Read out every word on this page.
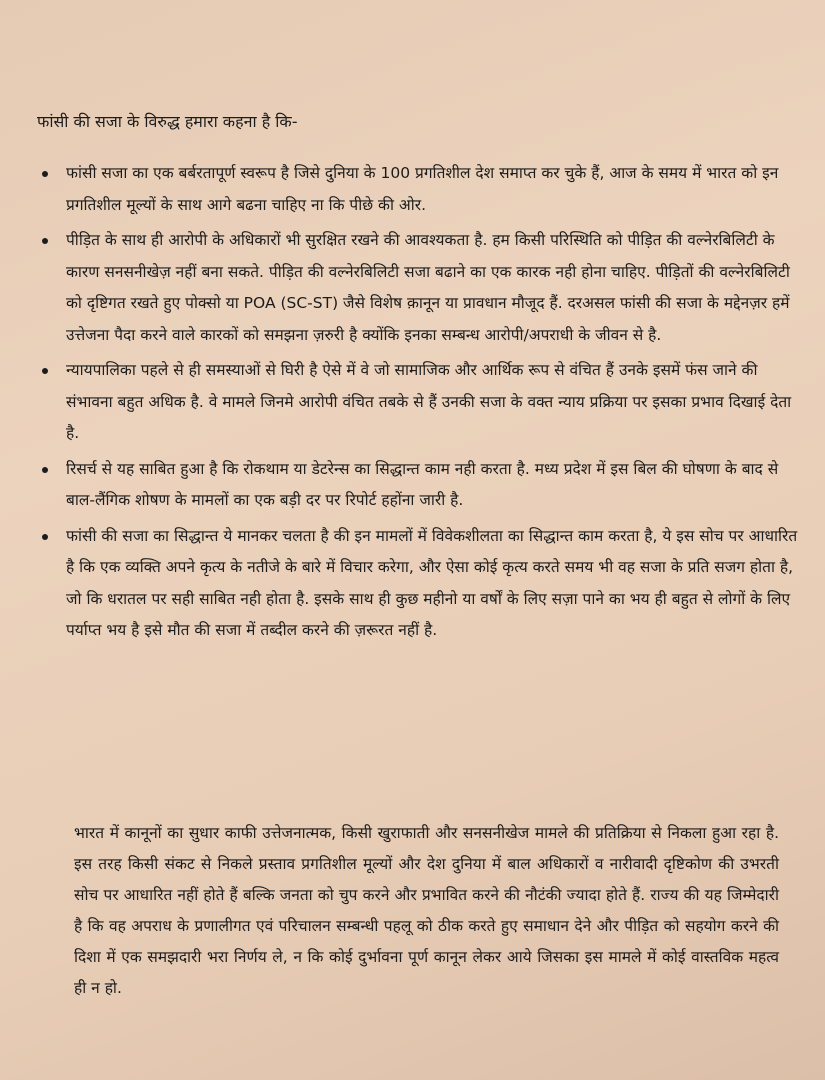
फांसी की सजा के विरुद्ध हमारा कहना है कि-

फांसी सजा का एक बर्बरतापूर्ण स्वरूप है जिसे दुनिया के 100 प्रगतिशील देश समाप्त कर चुके हैं, आज के समय में भारत को इन प्रगतिशील मूल्यों के साथ आगे बढना चाहिए ना कि पीछे की ओर.
पीड़ित के साथ ही आरोपी के अधिकारों भी सुरक्षित रखने की आवश्यकता है. हम किसी परिस्थिति को पीड़ित की वल्नेरबिलिटी के कारण सनसनीखेज़ नहीं बना सकते. पीड़ित की वल्नेरबिलिटी सजा बढाने का एक कारक नही होना चाहिए. पीड़ितों की वल्नेरबिलिटी को दृष्टिगत रखते हुए पोक्सो या POA (SC-ST) जैसे विशेष क़ानून या प्रावधान मौजूद हैं. दरअसल फांसी की सजा के मद्देनज़र हमें उत्तेजना पैदा करने वाले कारकों को समझना ज़रुरी है क्योंकि इनका सम्बन्ध आरोपी/अपराधी के जीवन से है.
न्यायपालिका पहले से ही समस्याओं से घिरी है ऐसे में वे जो सामाजिक और आर्थिक रूप से वंचित हैं उनके इसमें फंस जाने की संभावना बहुत अधिक है. वे मामले जिनमे आरोपी वंचित तबके से हैं उनकी सजा के वक्त न्याय प्रक्रिया पर इसका प्रभाव दिखाई देता है.
रिसर्च से यह साबित हुआ है कि रोकथाम या डेटरेन्स का सिद्धान्त काम नही करता है. मध्य प्रदेश में इस बिल की घोषणा के बाद से बाल-लैंगिक शोषण के मामलों का एक बड़ी दर पर रिपोर्ट हहोंना जारी है.
फांसी की सजा का सिद्धान्त ये मानकर चलता है की इन मामलों में विवेकशीलता का सिद्धान्त काम करता है, ये इस सोच पर आधारित है कि एक व्यक्ति अपने कृत्य के नतीजे के बारे में विचार करेगा, और ऐसा कोई कृत्य करते समय भी वह सजा के प्रति सजग होता है, जो कि धरातल पर सही साबित नही होता है. इसके साथ ही कुछ महीनो या वर्षों के लिए सज़ा पाने का भय ही बहुत से लोगों के लिए पर्याप्त भय है इसे मौत की सजा में तब्दील करने की ज़रूरत नहीं है.

भारत में कानूनों का सुधार काफी उत्तेजनात्मक, किसी खुराफाती और सनसनीखेज मामले की प्रतिक्रिया से निकला हुआ रहा है. इस तरह किसी संकट से निकले प्रस्ताव प्रगतिशील मूल्यों और देश दुनिया में बाल अधिकारों व नारीवादी दृष्टिकोण की उभरती सोच पर आधारित नहीं होते हैं बल्कि जनता को चुप करने और प्रभावित करने की नौटंकी ज्यादा होते हैं. राज्य की यह जिम्मेदारी है कि वह अपराध के प्रणालीगत एवं परिचालन सम्बन्धी पहलू को ठीक करते हुए समाधान देने और पीड़ित को सहयोग करने की दिशा में एक समझदारी भरा निर्णय ले, न कि कोई दुर्भावना पूर्ण कानून लेकर आये जिसका इस मामले में कोई वास्तविक महत्व ही न हो.
